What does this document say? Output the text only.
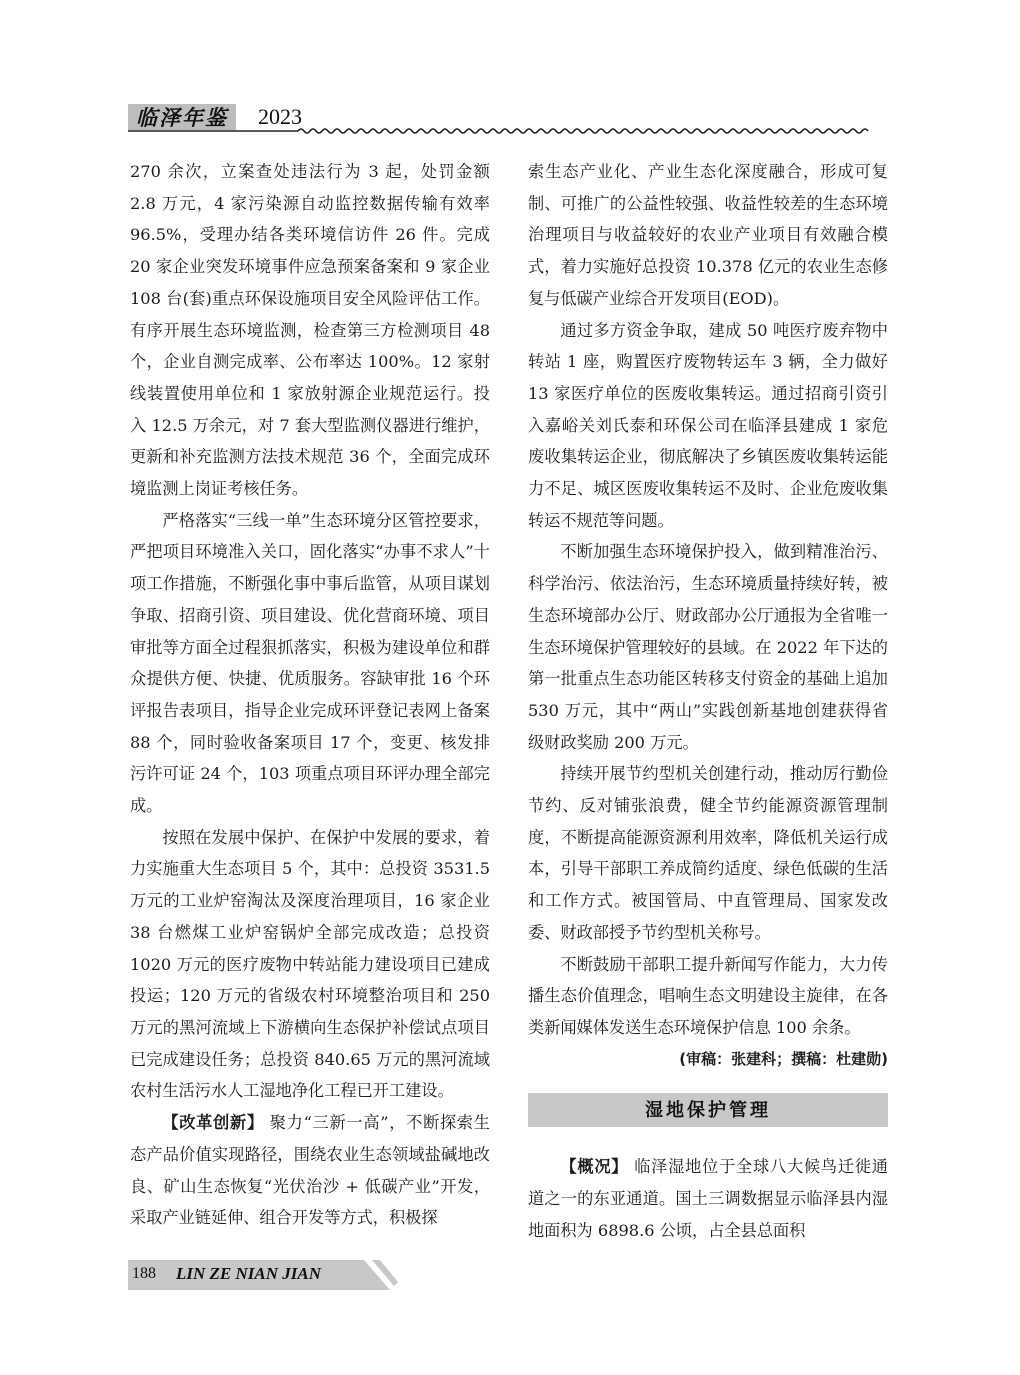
临泽年鉴 2023

270 余次，立案查处违法行为 3 起，处罚金额 2.8 万元，4 家污染源自动监控数据传输有效率 96.5%，受理办结各类环境信访件 26 件。完成 20 家企业突发环境事件应急预案备案和 9 家企业 108 台(套)重点环保设施项目安全风险评估工作。有序开展生态环境监测，检查第三方检测项目 48 个，企业自测完成率、公布率达 100%。12 家射线装置使用单位和 1 家放射源企业规范运行。投入 12.5 万余元，对 7 套大型监测仪器进行维护，更新和补充监测方法技术规范 36 个，全面完成环境监测上岗证考核任务。

严格落实“三线一单”生态环境分区管控要求，严把项目环境准入关口，固化落实“办事不求人”十项工作措施，不断强化事中事后监管，从项目谋划争取、招商引资、项目建设、优化营商环境、项目审批等方面全过程狠抓落实，积极为建设单位和群众提供方便、快捷、优质服务。容缺审批 16 个环评报告表项目，指导企业完成环评登记表网上备案 88 个，同时验收备案项目 17 个，变更、核发排污许可证 24 个，103 项重点项目环评办理全部完成。

按照在发展中保护、在保护中发展的要求，着力实施重大生态项目 5 个，其中：总投资 3531.5 万元的工业炉窑淘汰及深度治理项目，16 家企业 38 台燃煤工业炉窑锅炉全部完成改造；总投资 1020 万元的医疗废物中转站能力建设项目已建成投运；120 万元的省级农村环境整治项目和 250 万元的黑河流域上下游横向生态保护补偿试点项目已完成建设任务；总投资 840.65 万元的黑河流域农村生活污水人工湿地净化工程已开工建设。

【改革创新】 聚力“三新一高”，不断探索生态产品价值实现路径，围绕农业生态领域盐碱地改良、矿山生态恢复“光伏治沙 + 低碳产业”开发，采取产业链延伸、组合开发等方式，积极探

索生态产业化、产业生态化深度融合，形成可复制、可推广的公益性较强、收益性较差的生态环境治理项目与收益较好的农业产业项目有效融合模式，着力实施好总投资 10.378 亿元的农业生态修复与低碳产业综合开发项目(EOD)。

通过多方资金争取，建成 50 吨医疗废弃物中转站 1 座，购置医疗废物转运车 3 辆，全力做好 13 家医疗单位的医废收集转运。通过招商引资引入嘉峪关刘氏泰和环保公司在临泽县建成 1 家危废收集转运企业，彻底解决了乡镇医废收集转运能力不足、城区医废收集转运不及时、企业危废收集转运不规范等问题。

不断加强生态环境保护投入，做到精准治污、科学治污、依法治污，生态环境质量持续好转，被生态环境部办公厅、财政部办公厅通报为全省唯一生态环境保护管理较好的县域。在 2022 年下达的第一批重点生态功能区转移支付资金的基础上追加 530 万元，其中“两山”实践创新基地创建获得省级财政奖励 200 万元。

持续开展节约型机关创建行动，推动厉行勤俭节约、反对铺张浪费，健全节约能源资源管理制度，不断提高能源资源利用效率，降低机关运行成本，引导干部职工养成简约适度、绿色低碳的生活和工作方式。被国管局、中直管理局、国家发改委、财政部授予节约型机关称号。

不断鼓励干部职工提升新闻写作能力，大力传播生态价值理念，唱响生态文明建设主旋律，在各类新闻媒体发送生态环境保护信息 100 余条。

(审稿：张建科；撰稿：杜建勋)

湿地保护管理

【概况】 临泽湿地位于全球八大候鸟迁徙通道之一的东亚通道。国土三调数据显示临泽县内湿地面积为 6898.6 公顷，占全县总面积

188 LIN ZE NIAN JIAN
